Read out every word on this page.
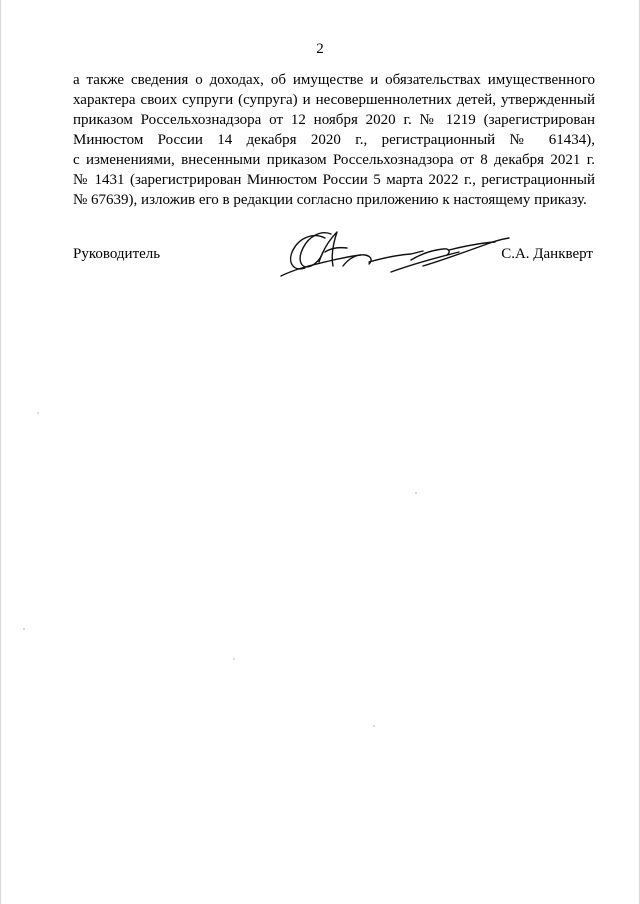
2
а также сведения о доходах, об имуществе и обязательствах имущественного
характера своих супруги (супруга) и несовершеннолетних детей, утвержденный
приказом Россельхознадзора от 12 ноября 2020 г. № 1219 (зарегистрирован
Минюстом России 14 декабря 2020 г., регистрационный № 61434),
с изменениями, внесенными приказом Россельхознадзора от 8 декабря 2021 г.
№ 1431 (зарегистрирован Минюстом России 5 марта 2022 г., регистрационный
№ 67639), изложив его в редакции согласно приложению к настоящему приказу.
Руководитель	С.А. Данкверт
